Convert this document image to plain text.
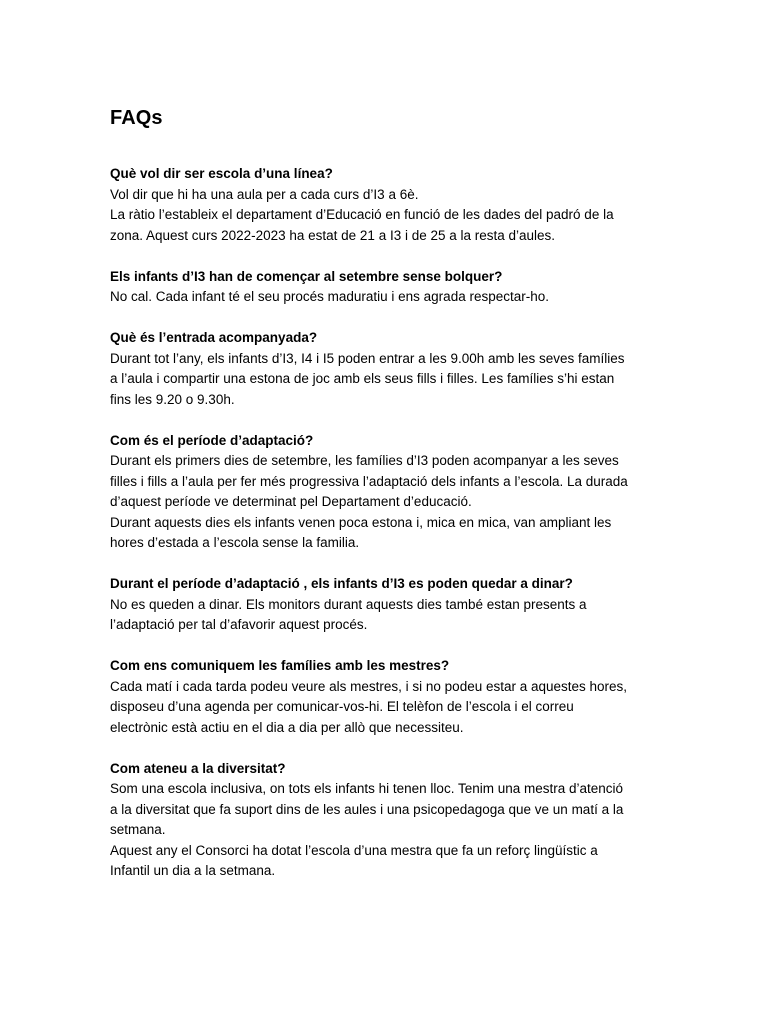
FAQs

Què vol dir ser escola d’una línea?

Vol dir que hi ha una aula per a cada curs d’I3 a 6è.

La ràtio l’estableix el departament d’Educació en funció de les dades del padró de la

zona. Aquest curs 2022-2023 ha estat de 21 a I3 i de 25 a la resta d’aules.

Els infants d’I3 han de començar al setembre sense bolquer?

No cal. Cada infant té el seu procés maduratiu i ens agrada respectar-ho.

Què és l’entrada acompanyada?

Durant tot l’any, els infants d’I3, I4 i I5 poden entrar a les 9.00h amb les seves famílies

a l’aula i compartir una estona de joc amb els seus fills i filles. Les famílies s’hi estan

fins les 9.20 o 9.30h.

Com és el període d’adaptació?

Durant els primers dies de setembre, les famílies d’I3 poden acompanyar a les seves

filles i fills a l’aula per fer més progressiva l’adaptació dels infants a l’escola. La durada

d’aquest període ve determinat pel Departament d’educació.

Durant aquests dies els infants venen poca estona i, mica en mica, van ampliant les

hores d’estada a l’escola sense la familia.

Durant el període d’adaptació , els infants d’I3 es poden quedar a dinar?

No es queden a dinar. Els monitors durant aquests dies també estan presents a

l’adaptació per tal d’afavorir aquest procés.

Com ens comuniquem les famílies amb les mestres?

Cada matí i cada tarda podeu veure als mestres, i si no podeu estar a aquestes hores,

disposeu d’una agenda per comunicar-vos-hi. El telèfon de l’escola i el correu

electrònic està actiu en el dia a dia per allò que necessiteu.

Com ateneu a la diversitat?

Som una escola inclusiva, on tots els infants hi tenen lloc. Tenim una mestra d’atenció

a la diversitat que fa suport dins de les aules i una psicopedagoga que ve un matí a la

setmana.

Aquest any el Consorci ha dotat l’escola d’una mestra que fa un reforç lingüístic a

Infantil un dia a la setmana.
